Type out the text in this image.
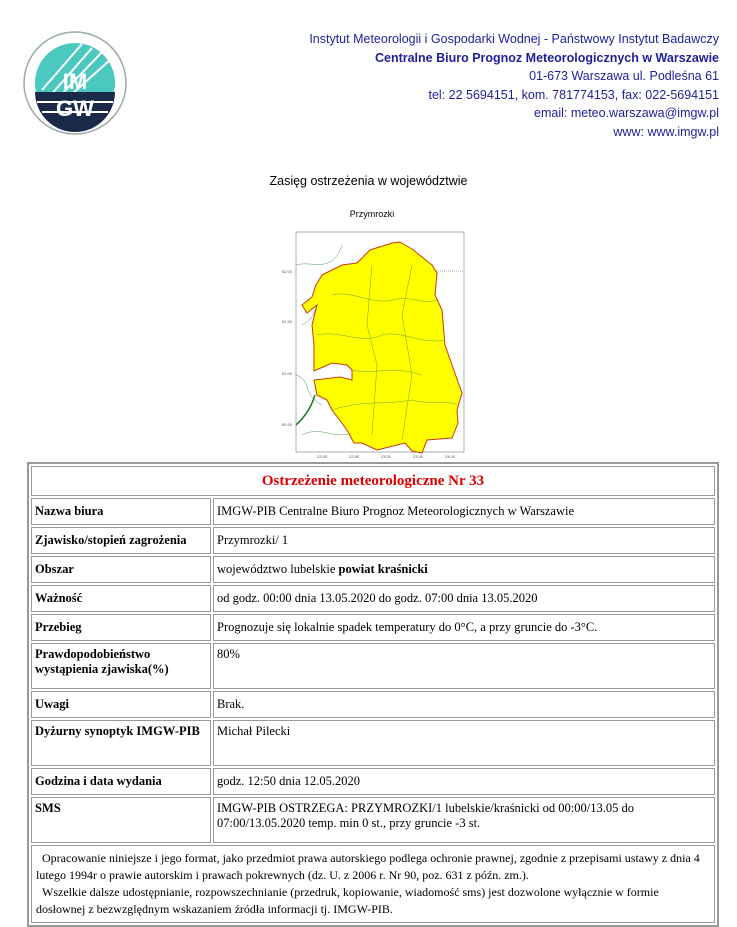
IM
GW
Instytut Meteorologii i Gospodarki Wodnej - Państwowy Instytut Badawczy
Centralne Biuro Prognoz Meteorologicznych w Warszawie
01-673 Warszawa ul. Podleśna 61
tel: 22 5694151, kom. 781774153, fax: 022-5694151
email: meteo.warszawa@imgw.pl
www: www.imgw.pl
Zasięg ostrzeżenia w województwie
Przymrozki
52.00
51.50
51.00
50.50
22.00	22.50	23.00	23.50	24.00
Ostrzeżenie meteorologiczne Nr 33	
Nazwa biura	IMGW-PIB Centralne Biuro Prognoz Meteorologicznych w Warszawie
Zjawisko/stopień zagrożenia	Przymrozki/ 1
Obszar	województwo lubelskie powiat kraśnicki
Ważność	od godz. 00:00 dnia 13.05.2020 do godz. 07:00 dnia 13.05.2020
Przebieg	Prognozuje się lokalnie spadek temperatury do 0°C, a przy gruncie do -3°C.
Prawdopodobieństwo wystąpienia zjawiska(%)	80%
Uwagi	Brak.
Dyżurny synoptyk IMGW-PIB	Michał Pilecki
Godzina i data wydania	godz. 12:50 dnia 12.05.2020
SMS	IMGW-PIB OSTRZEGA: PRZYMROZKI/1 lubelskie/kraśnicki od 00:00/13.05 do 07:00/13.05.2020 temp. min 0 st., przy gruncie -3 st.
Opracowanie niniejsze i jego format, jako przedmiot prawa autorskiego podlega ochronie prawnej, zgodnie z przepisami ustawy z dnia 4 lutego 1994r o prawie autorskim i prawach pokrewnych (dz. U. z 2006 r. Nr 90, poz. 631 z późn. zm.).
Wszelkie dalsze udostępnianie, rozpowszechnianie (przedruk, kopiowanie, wiadomość sms) jest dozwolone wyłącznie w formie dosłownej z bezwzględnym wskazaniem źródła informacji tj. IMGW-PIB.	
